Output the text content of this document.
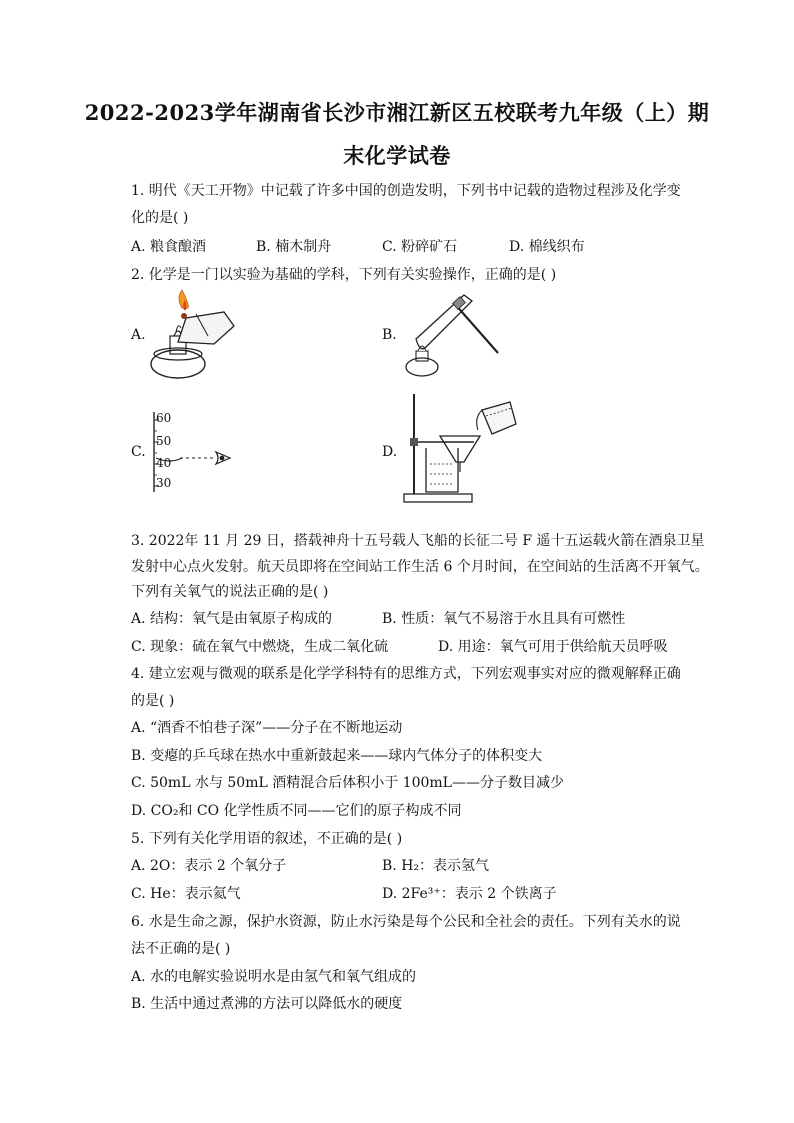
2022-2023学年湖南省长沙市湘江新区五校联考九年级（上）期
末化学试卷
1. 明代《天工开物》中记载了许多中国的创造发明，下列书中记载的造物过程涉及化学变
化的是( )
A. 粮食酿酒	B. 楠木制舟	C. 粉碎矿石	D. 棉线织布
2. 化学是一门以实验为基础的学科，下列有关实验操作，正确的是( )
A.	B.
C.
60
50
40
30
D.
3. 2022年 11 月 29 日，搭载神舟十五号载人飞船的长征二号 F 遥十五运载火箭在酒泉卫星
发射中心点火发射。航天员即将在空间站工作生活 6 个月时间，在空间站的生活离不开氧气。
下列有关氧气的说法正确的是( )
A. 结构：氧气是由氧原子构成的	B. 性质：氧气不易溶于水且具有可燃性
C. 现象：硫在氧气中燃烧，生成二氧化硫	D. 用途：氧气可用于供给航天员呼吸
4. 建立宏观与微观的联系是化学学科特有的思维方式，下列宏观事实对应的微观解释正确
的是( )
A. “酒香不怕巷子深”——分子在不断地运动
B. 变瘪的乒乓球在热水中重新鼓起来——球内气体分子的体积变大
C. 50mL 水与 50mL 酒精混合后体积小于 100mL——分子数目减少
D. CO₂和 CO 化学性质不同——它们的原子构成不同
5. 下列有关化学用语的叙述，不正确的是( )
A. 2O：表示 2 个氧分子	B. H₂：表示氢气
C. He：表示氦气	D. 2Fe³⁺：表示 2 个铁离子
6. 水是生命之源，保护水资源，防止水污染是每个公民和全社会的责任。下列有关水的说
法不正确的是( )
A. 水的电解实验说明水是由氢气和氧气组成的
B. 生活中通过煮沸的方法可以降低水的硬度
